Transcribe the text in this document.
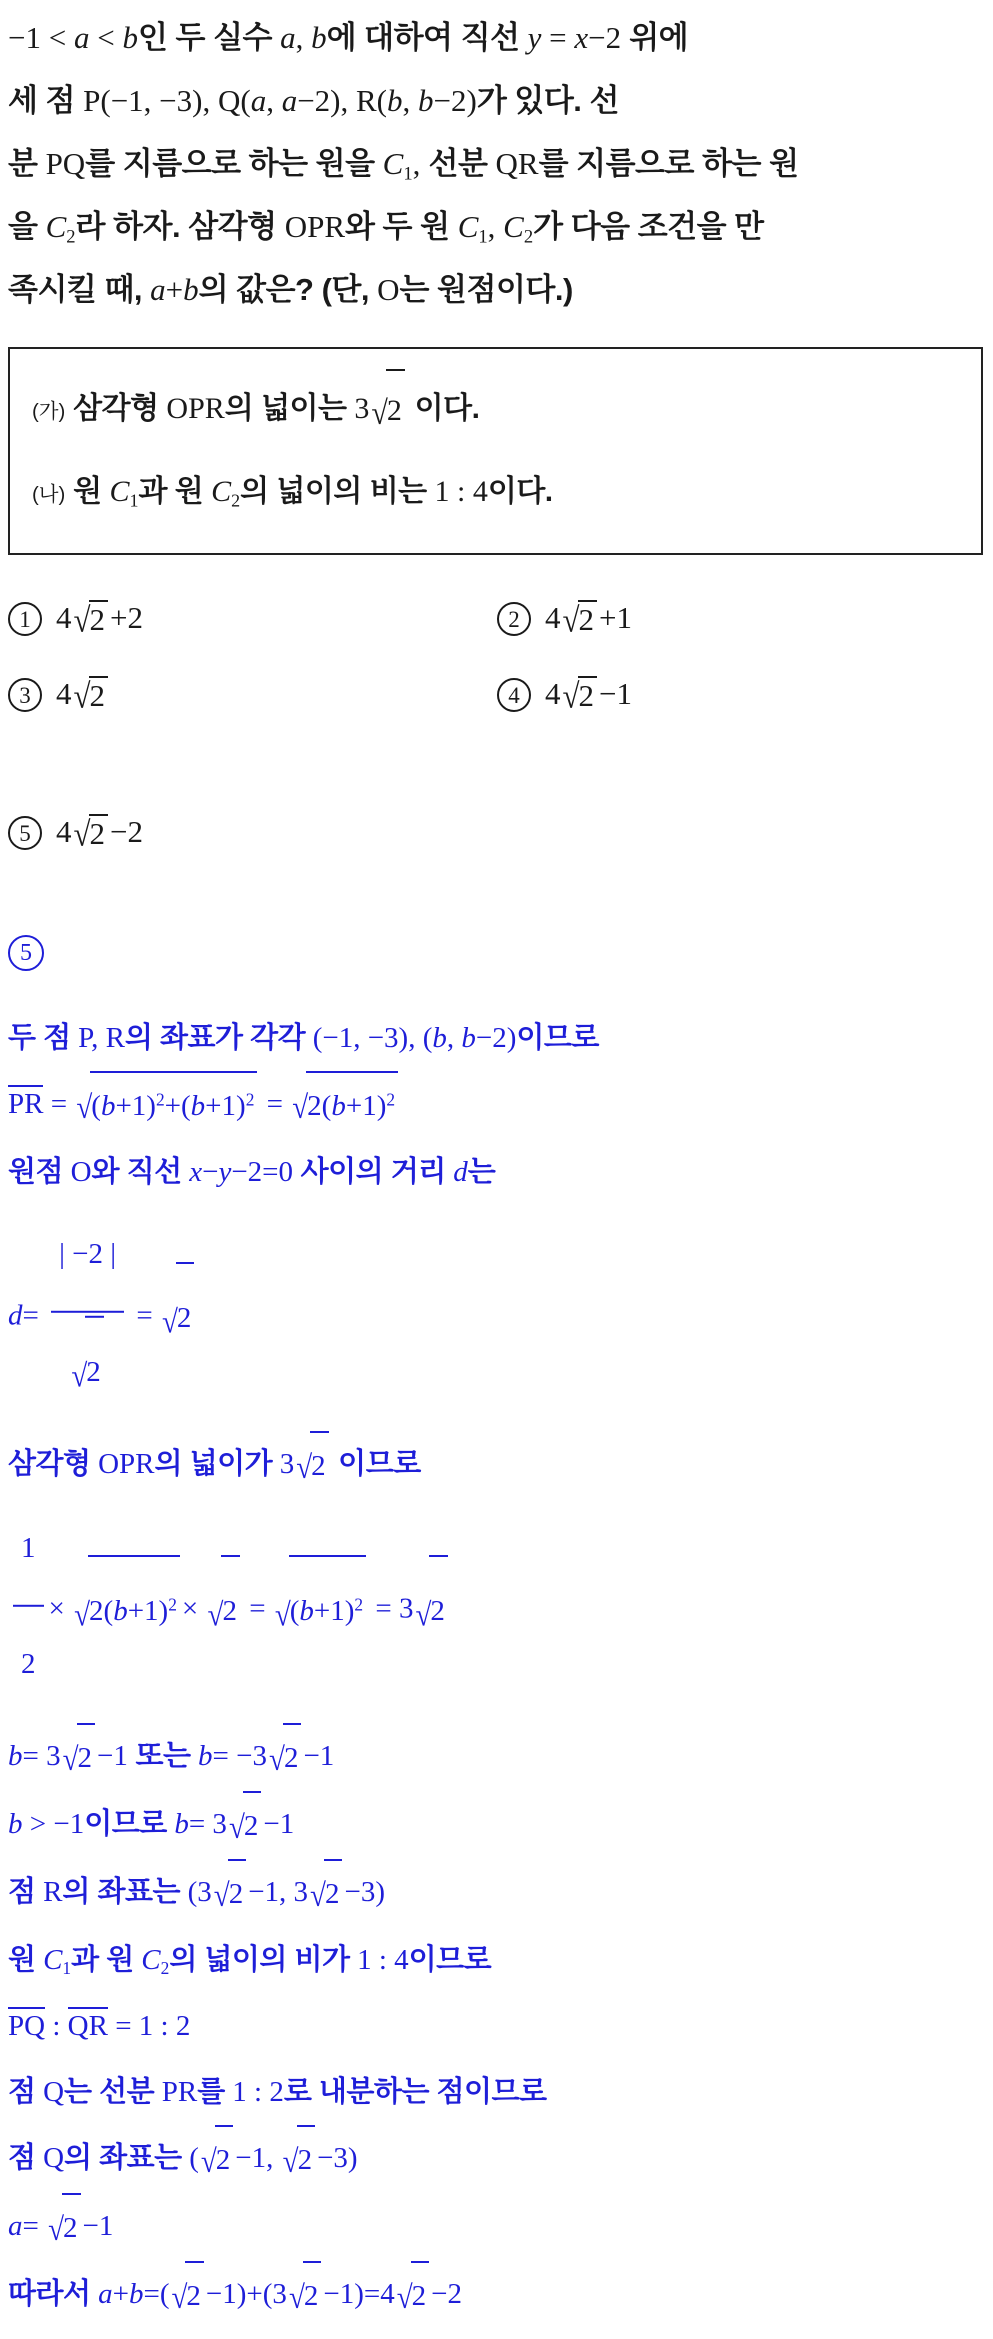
−1 < a < b인 두 실수 a, b에 대하여 직선 y = x−2 위에
세 점 P(−1, −3), Q(a, a−2), R(b, b−2)가 있다. 선
분 PQ를 지름으로 하는 원을 C1, 선분 QR를 지름으로 하는 원
을 C2라 하자. 삼각형 OPR와 두 원 C1, C2가 다음 조건을 만
족시킬 때, a+b의 값은? (단, O는 원점이다.)
(가) 삼각형 OPR의 넓이는 3√2 이다.
(나) 원 C1과 원 C2의 넓이의 비는 1 : 4이다.
1 4√2 +2	2 4√2 +1
3 4√2	4 4√2 −1
5 4√2 −2
5
두 점 P, R의 좌표가 각각 (−1, −3), (b, b−2)이므로
PR = $√(b+1)^2+(b+1)^2 = √2(b+1)^2$
원점 O와 직선 x−y−2=0 사이의 거리 d는
$d= \frac{| -2 |}{√2} = √2$
삼각형 OPR의 넓이가 3√2 이므로
$\frac{1}{2} \times √2(b+1)^2 \times √2 = √(b+1)^2 = 3√2$
b= 3√2 −1 또는 b= −3√2 −1
b > −1이므로 b= 3√2 −1
점 R의 좌표는 (3√2 −1, 3√2 −3)
원 C1과 원 C2의 넓이의 비가 1 : 4이므로
PQ : QR = 1 : 2
점 Q는 선분 PR를 1 : 2로 내분하는 점이므로
점 Q의 좌표는 (√2 −1, √2 −3)
a= √2 −1
따라서 a+b=(√2 −1)+(3√2 −1)=4√2 −2
